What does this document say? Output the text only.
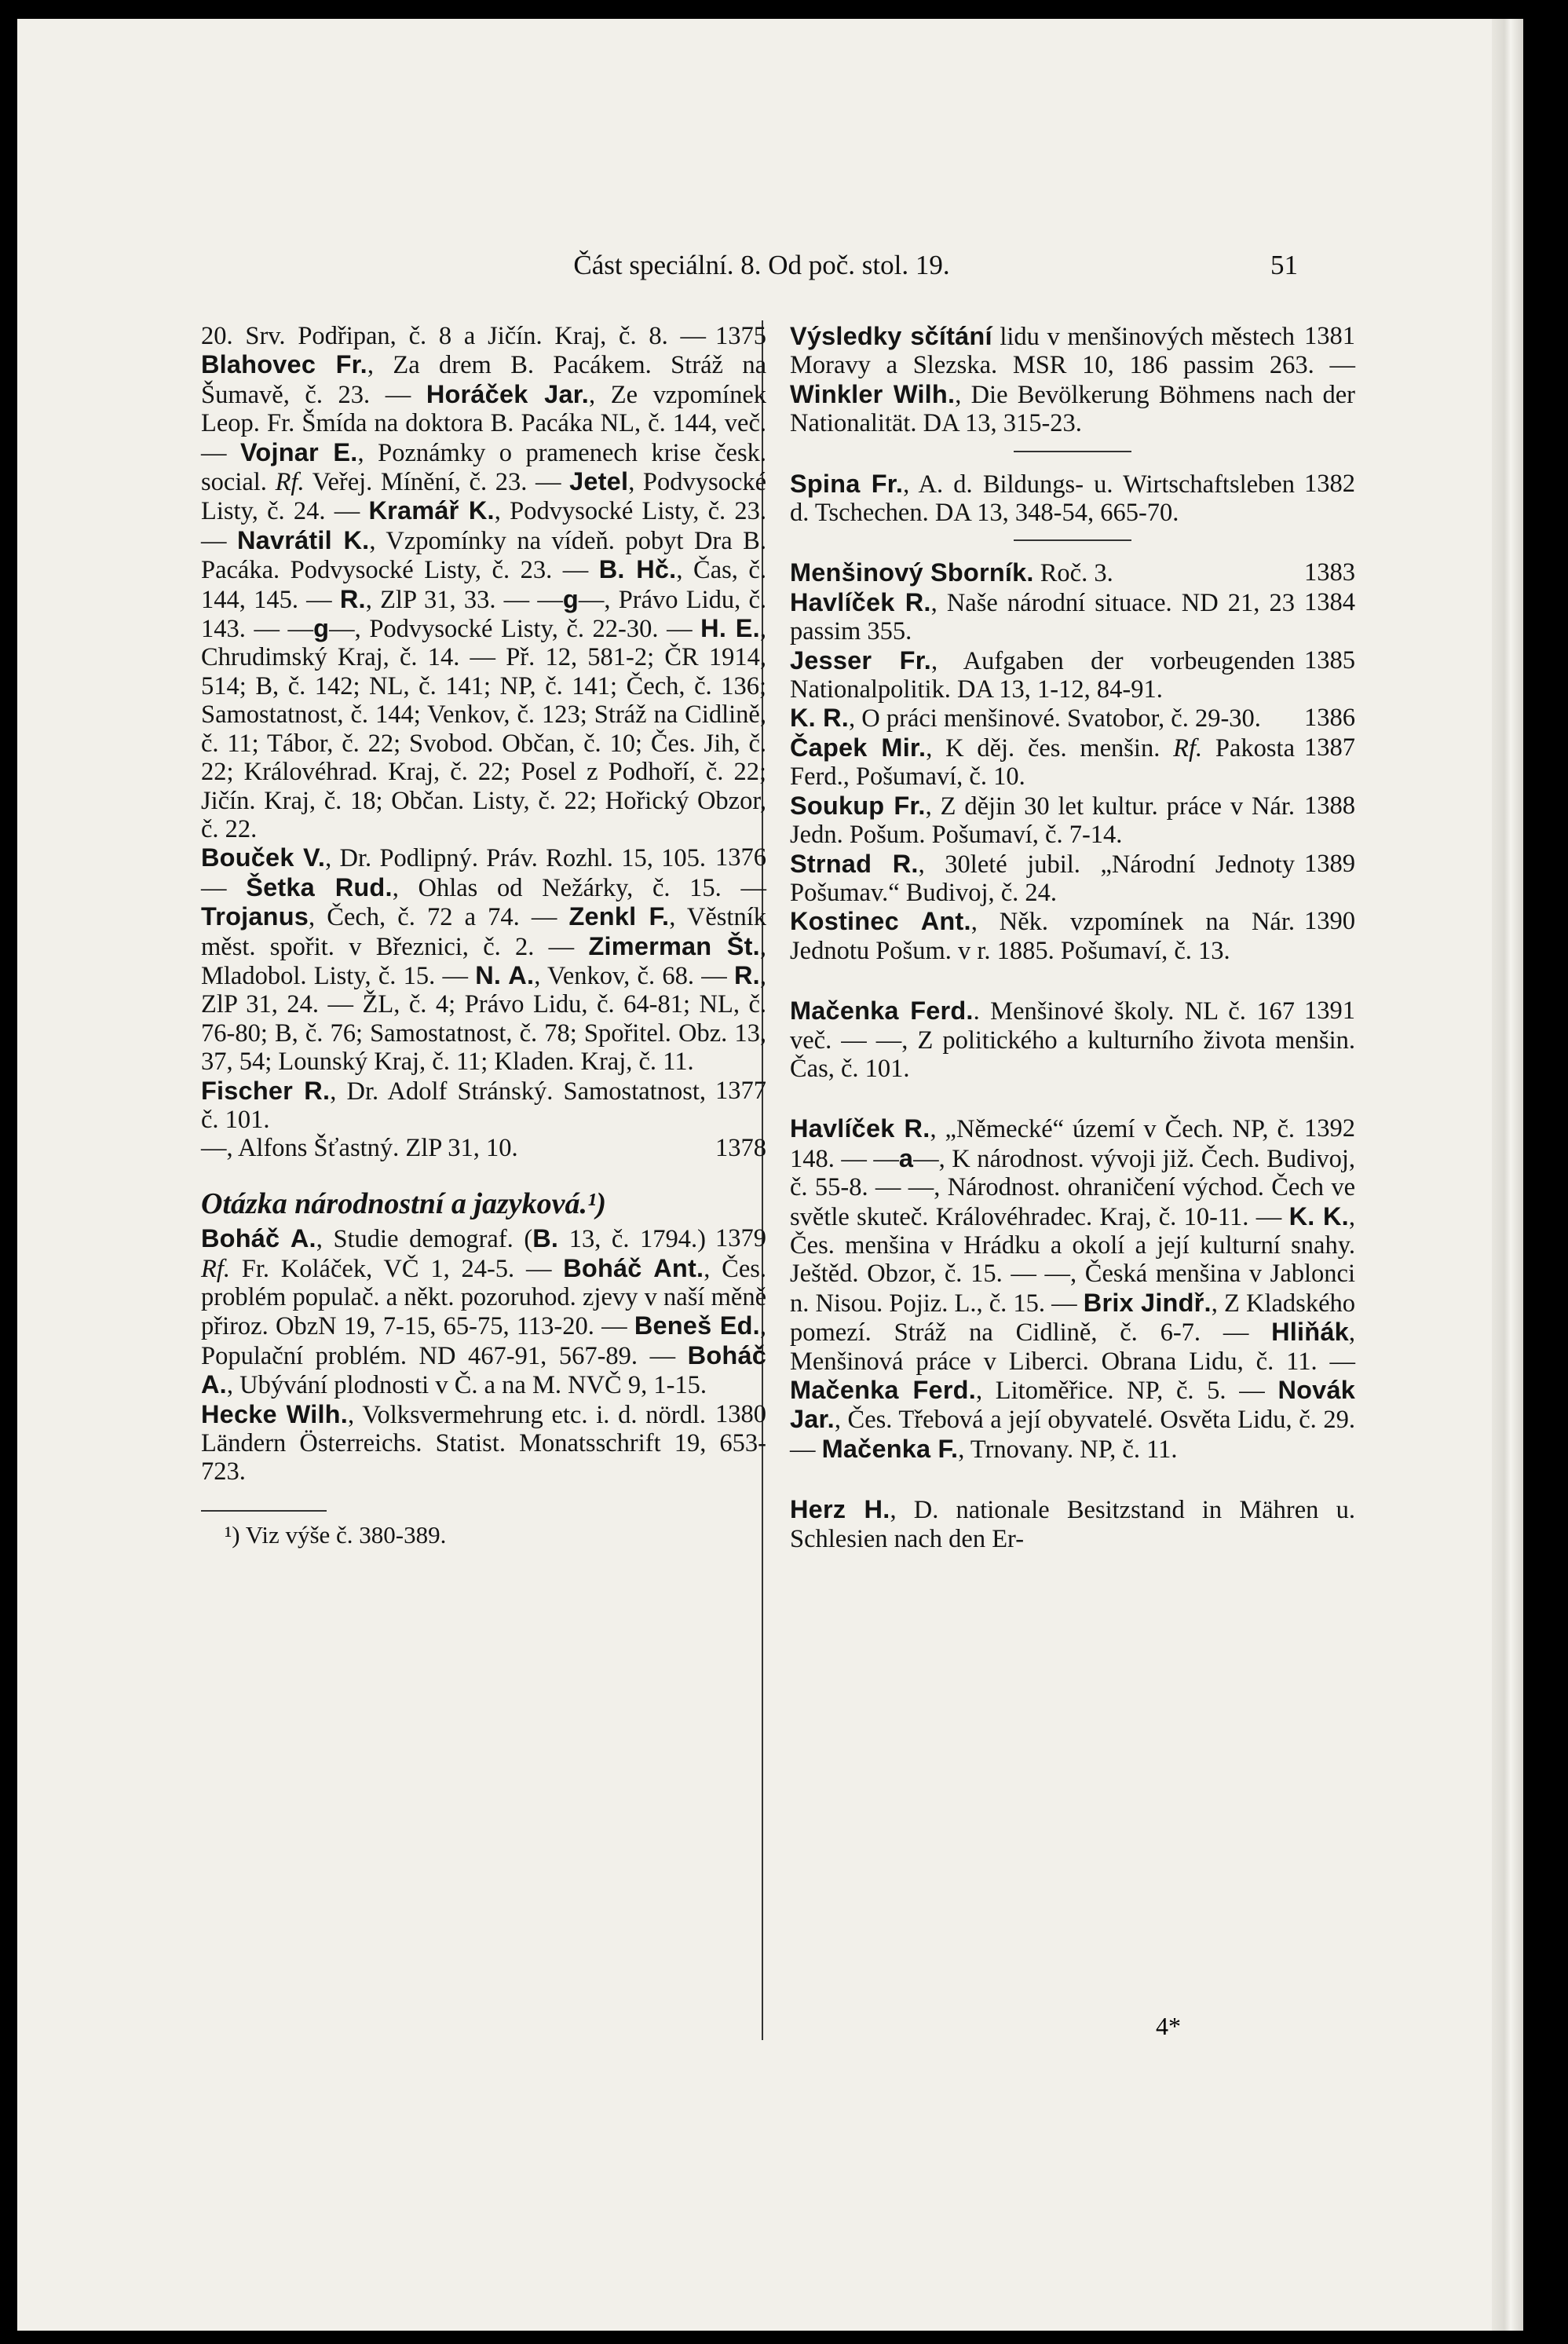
Část speciální. 8. Od poč. stol. 19.	51
1375
20. Srv. Podřipan, č. 8 a Jičín. Kraj, č. 8. — Blahovec Fr., Za drem B. Pacákem. Stráž na Šumavě, č. 23. — Horáček Jar., Ze vzpomínek Leop. Fr. Šmída na doktora B. Pacáka NL, č. 144, več. — Vojnar E., Poznámky o pramenech krise česk. social. Rf. Veřej. Mínění, č. 23. — Jetel, Podvysocké Listy, č. 24. — Kramář K., Podvysocké Listy, č. 23. — Navrátil K., Vzpomínky na vídeň. pobyt Dra B. Pacáka. Podvysocké Listy, č. 23. — B. Hč., Čas, č. 144, 145. — R., ZlP 31, 33. — —g—, Právo Lidu, č. 143. — —g—, Podvysocké Listy, č. 22-30. — H. E., Chrudimský Kraj, č. 14. — Př. 12, 581-2; ČR 1914, 514; B, č. 142; NL, č. 141; NP, č. 141; Čech, č. 136; Samostatnost, č. 144; Venkov, č. 123; Stráž na Cidlině, č. 11; Tábor, č. 22; Svobod. Občan, č. 10; Čes. Jih, č. 22; Královéhrad. Kraj, č. 22; Posel z Podhoří, č. 22; Jičín. Kraj, č. 18; Občan. Listy, č. 22; Hořický Obzor, č. 22.
1376
Bouček V., Dr. Podlipný. Práv. Rozhl. 15, 105. — Šetka Rud., Ohlas od Nežárky, č. 15. — Trojanus, Čech, č. 72 a 74. — Zenkl F., Věstník měst. spořit. v Březnici, č. 2. — Zimerman Št., Mladobol. Listy, č. 15. — N. A., Venkov, č. 68. — R., ZlP 31, 24. — ŽL, č. 4; Právo Lidu, č. 64-81; NL, č. 76-80; B, č. 76; Samostatnost, č. 78; Spořitel. Obz. 13, 37, 54; Lounský Kraj, č. 11; Kladen. Kraj, č. 11.
1377
Fischer R., Dr. Adolf Stránský. Samostatnost, č. 101.
1378
—, Alfons Šťastný. ZlP 31, 10.
Otázka národnostní a jazyková.¹)
1379
Boháč A., Studie demograf. (B. 13, č. 1794.) Rf. Fr. Koláček, VČ 1, 24-5. — Boháč Ant., Čes. problém populač. a někt. pozoruhod. zjevy v naší měně přiroz. ObzN 19, 7-15, 65-75, 113-20. — Beneš Ed., Populační problém. ND 467-91, 567-89. — Boháč A., Ubývání plodnosti v Č. a na M. NVČ 9, 1-15.
1380
Hecke Wilh., Volksvermehrung etc. i. d. nördl. Ländern Österreichs. Statist. Monatsschrift 19, 653-723.
¹) Viz výše č. 380-389.
1381
Výsledky sčítání lidu v menšinových městech Moravy a Slezska. MSR 10, 186 passim 263. — Winkler Wilh., Die Bevölkerung Böhmens nach der Nationalität. DA 13, 315-23.
1382
Spina Fr., A. d. Bildungs- u. Wirtschaftsleben d. Tschechen. DA 13, 348-54, 665-70.
1383
Menšinový Sborník. Roč. 3.
1384
Havlíček R., Naše národní situace. ND 21, 23 passim 355.
1385
Jesser Fr., Aufgaben der vorbeugenden Nationalpolitik. DA 13, 1-12, 84-91.
1386
K. R., O práci menšinové. Svatobor, č. 29-30.
1387
Čapek Mir., K děj. čes. menšin. Rf. Pakosta Ferd., Pošumaví, č. 10.
1388
Soukup Fr., Z dějin 30 let kultur. práce v Nár. Jedn. Pošum. Pošumaví, č. 7-14.
1389
Strnad R., 30leté jubil. „Národní Jednoty Pošumav.“ Budivoj, č. 24.
1390
Kostinec Ant., Něk. vzpomínek na Nár. Jednotu Pošum. v r. 1885. Pošumaví, č. 13.
1391
Mačenka Ferd.. Menšinové školy. NL č. 167 več. — —, Z politického a kulturního života menšin. Čas, č. 101.
1392
Havlíček R., „Německé“ území v Čech. NP, č. 148. — —a—, K národnost. vývoji již. Čech. Budivoj, č. 55-8. — —, Národnost. ohraničení východ. Čech ve světle skuteč. Královéhradec. Kraj, č. 10-11. — K. K., Čes. menšina v Hrádku a okolí a její kulturní snahy. Ještěd. Obzor, č. 15. — —, Česká menšina v Jablonci n. Nisou. Pojiz. L., č. 15. — Brix Jindř., Z Kladského pomezí. Stráž na Cidlině, č. 6-7. — Hliňák, Menšinová práce v Liberci. Obrana Lidu, č. 11. — Mačenka Ferd., Litoměřice. NP, č. 5. — Novák Jar., Čes. Třebová a její obyvatelé. Osvěta Lidu, č. 29. — Mačenka F., Trnovany. NP, č. 11.
Herz H., D. nationale Besitzstand in Mähren u. Schlesien nach den Er-
4*
